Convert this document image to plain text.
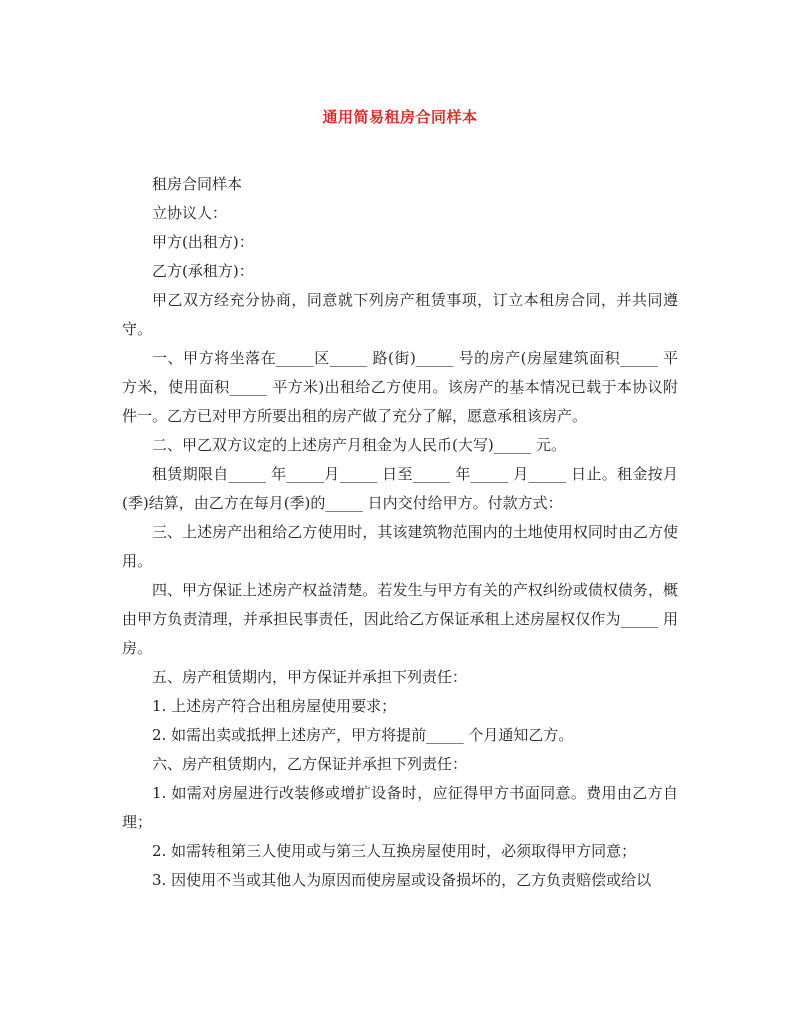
通用简易租房合同样本

租房合同样本

立协议人：

甲方(出租方)：

乙方(承租方)：

甲乙双方经充分协商，同意就下列房产租赁事项，订立本租房合同，并共同遵守。

一、甲方将坐落在_____区_____ 路(街)_____ 号的房产(房屋建筑面积_____ 平方米，使用面积_____ 平方米)出租给乙方使用。该房产的基本情况已载于本协议附件一。乙方已对甲方所要出租的房产做了充分了解，愿意承租该房产。

二、甲乙双方议定的上述房产月租金为人民币(大写)_____ 元。

租赁期限自_____ 年_____月_____ 日至_____ 年_____ 月_____ 日止。租金按月(季)结算，由乙方在每月(季)的_____ 日内交付给甲方。付款方式：

三、上述房产出租给乙方使用时，其该建筑物范围内的土地使用权同时由乙方使用。

四、甲方保证上述房产权益清楚。若发生与甲方有关的产权纠纷或债权债务，概由甲方负责清理，并承担民事责任，因此给乙方保证承租上述房屋权仅作为_____ 用房。

五、房产租赁期内，甲方保证并承担下列责任：

1. 上述房产符合出租房屋使用要求；

2. 如需出卖或抵押上述房产，甲方将提前_____ 个月通知乙方。

六、房产租赁期内，乙方保证并承担下列责任：

1. 如需对房屋进行改装修或增扩设备时，应征得甲方书面同意。费用由乙方自理；

2. 如需转租第三人使用或与第三人互换房屋使用时，必须取得甲方同意；

3. 因使用不当或其他人为原因而使房屋或设备损坏的，乙方负责赔偿或给以
